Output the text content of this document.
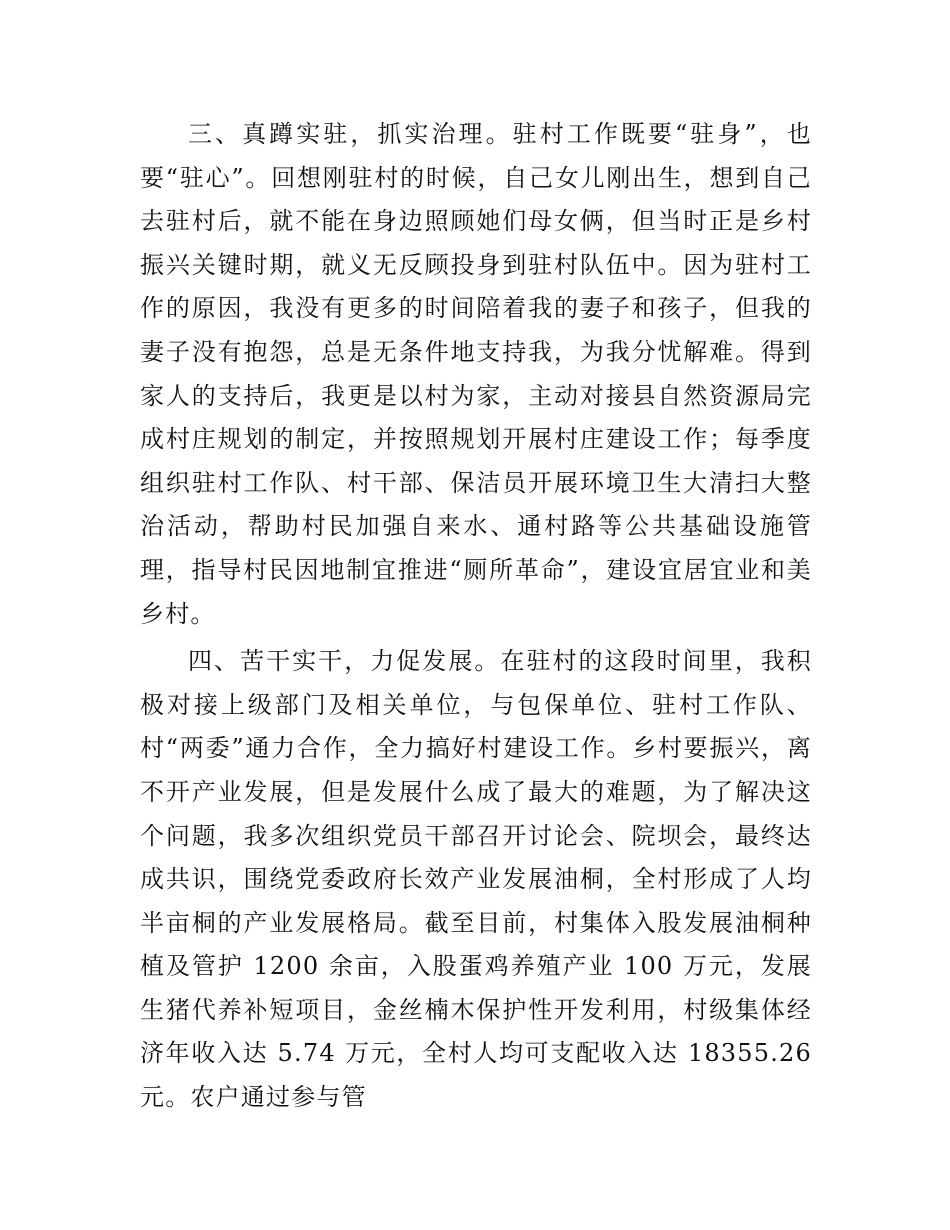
三、真蹲实驻，抓实治理。驻村工作既要“驻身”，也要“驻心”。回想刚驻村的时候，自己女儿刚出生，想到自己去驻村后，就不能在身边照顾她们母女俩，但当时正是乡村振兴关键时期，就义无反顾投身到驻村队伍中。因为驻村工作的原因，我没有更多的时间陪着我的妻子和孩子，但我的妻子没有抱怨，总是无条件地支持我，为我分忧解难。得到家人的支持后，我更是以村为家，主动对接县自然资源局完成村庄规划的制定，并按照规划开展村庄建设工作；每季度组织驻村工作队、村干部、保洁员开展环境卫生大清扫大整治活动，帮助村民加强自来水、通村路等公共基础设施管理，指导村民因地制宜推进“厕所革命”，建设宜居宜业和美乡村。

四、苦干实干，力促发展。在驻村的这段时间里，我积极对接上级部门及相关单位，与包保单位、驻村工作队、村“两委”通力合作，全力搞好村建设工作。乡村要振兴，离不开产业发展，但是发展什么成了最大的难题，为了解决这个问题，我多次组织党员干部召开讨论会、院坝会，最终达成共识，围绕党委政府长效产业发展油桐，全村形成了人均半亩桐的产业发展格局。截至目前，村集体入股发展油桐种植及管护 1200 余亩，入股蛋鸡养殖产业 100 万元，发展生猪代养补短项目，金丝楠木保护性开发利用，村级集体经济年收入达 5.74 万元，全村人均可支配收入达 18355.26 元。农户通过参与管
